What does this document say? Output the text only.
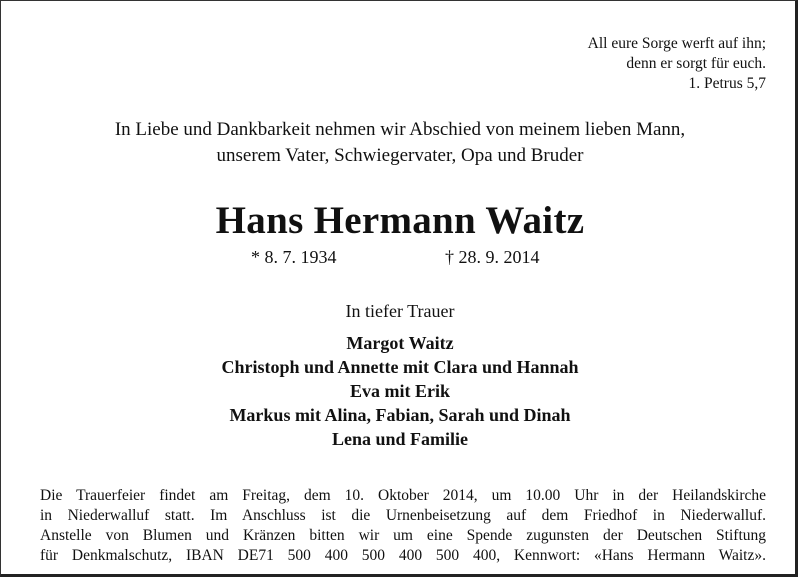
All eure Sorge werft auf ihn;
denn er sorgt für euch.
1. Petrus 5,7
In Liebe und Dankbarkeit nehmen wir Abschied von meinem lieben Mann,
unserem Vater, Schwiegervater, Opa und Bruder
Hans Hermann Waitz
* 8. 7. 1934	† 28. 9. 2014
In tiefer Trauer
Margot Waitz
Christoph und Annette mit Clara und Hannah
Eva mit Erik
Markus mit Alina, Fabian, Sarah und Dinah
Lena und Familie
Die Trauerfeier findet am Freitag, dem 10. Oktober 2014, um 10.00 Uhr in der Heilandskirche
in Niederwalluf statt. Im Anschluss ist die Urnenbeisetzung auf dem Friedhof in Niederwalluf.
Anstelle von Blumen und Kränzen bitten wir um eine Spende zugunsten der Deutschen Stiftung
für Denkmalschutz, IBAN DE71 500 400 500 400 500 400, Kennwort: «Hans Hermann Waitz».
